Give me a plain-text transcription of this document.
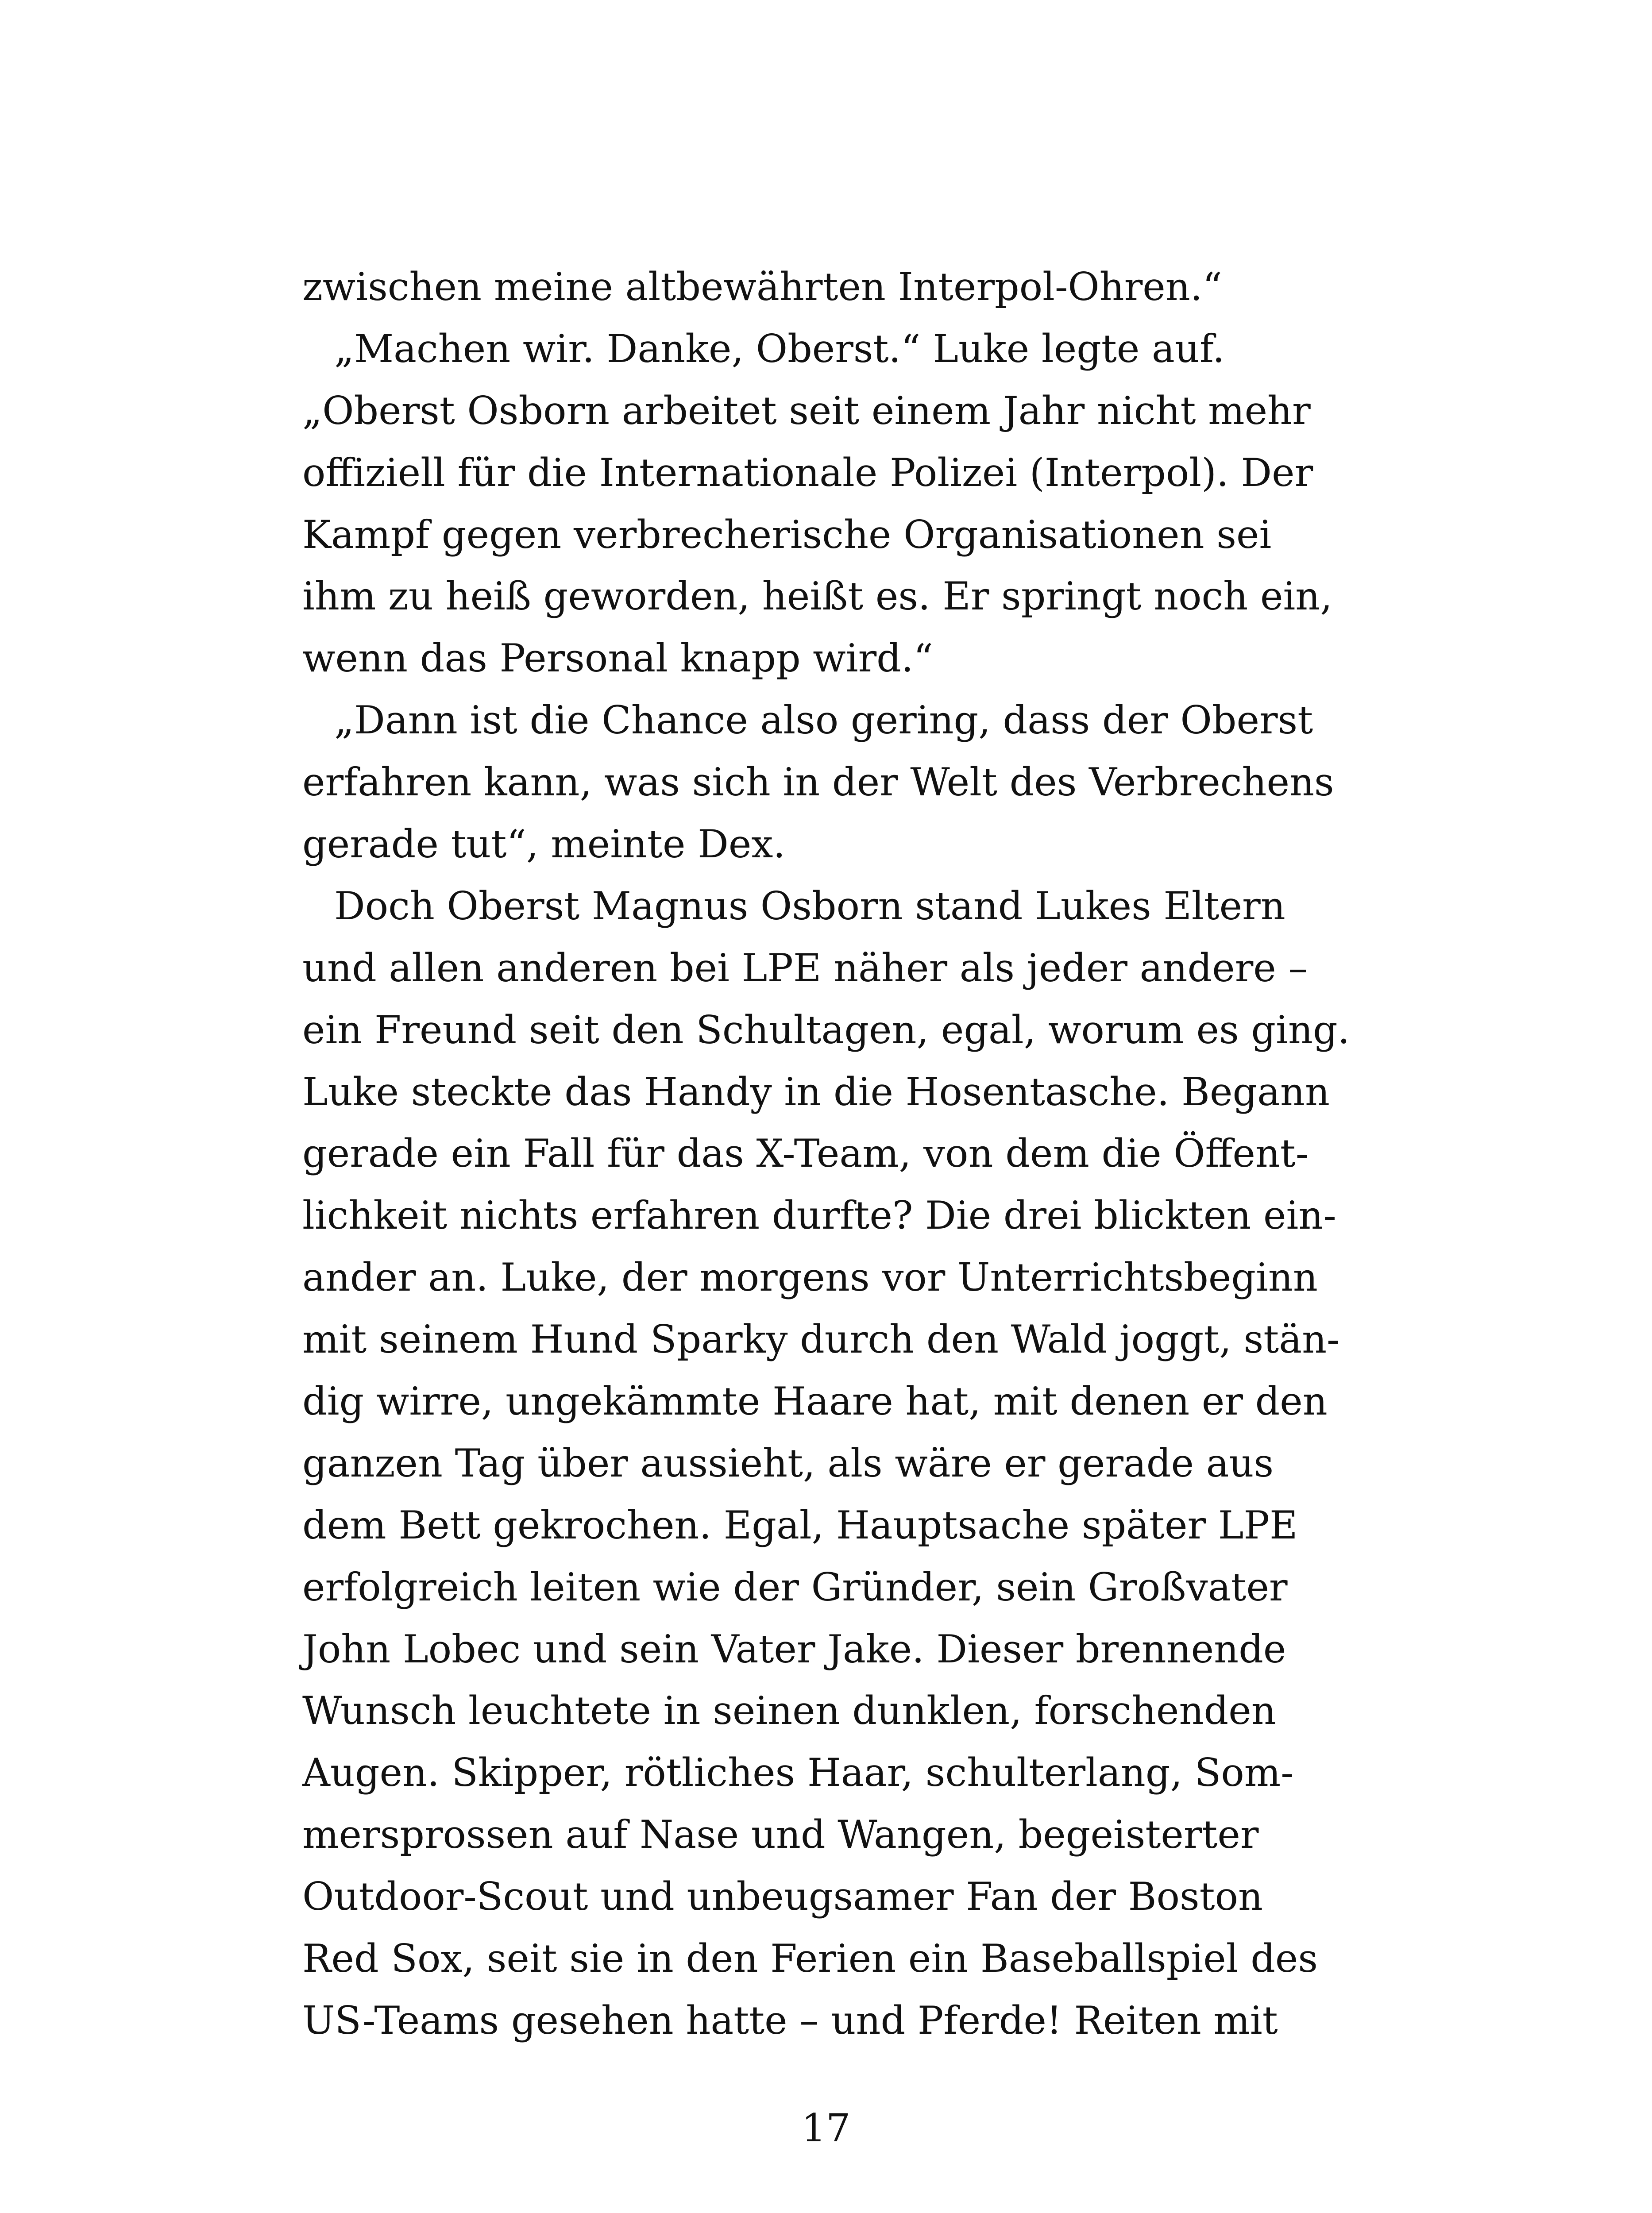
zwischen meine altbewährten Interpol-Ohren.“
„Machen wir. Danke, Oberst.“ Luke legte auf.
„Oberst Osborn arbeitet seit einem Jahr nicht mehr
offiziell für die Internationale Polizei (Interpol). Der
Kampf gegen verbrecherische Organisationen sei
ihm zu heiß geworden, heißt es. Er springt noch ein,
wenn das Personal knapp wird.“
„Dann ist die Chance also gering, dass der Oberst
erfahren kann, was sich in der Welt des Verbrechens
gerade tut“, meinte Dex.
Doch Oberst Magnus Osborn stand Lukes Eltern
und allen anderen bei LPE näher als jeder andere –
ein Freund seit den Schultagen, egal, worum es ging.
Luke steckte das Handy in die Hosentasche. Begann
gerade ein Fall für das X-Team, von dem die Öffent-
lichkeit nichts erfahren durfte? Die drei blickten ein-
ander an. Luke, der morgens vor Unterrichtsbeginn
mit seinem Hund Sparky durch den Wald joggt, stän-
dig wirre, ungekämmte Haare hat, mit denen er den
ganzen Tag über aussieht, als wäre er gerade aus
dem Bett gekrochen. Egal, Hauptsache später LPE
erfolgreich leiten wie der Gründer, sein Großvater
John Lobec und sein Vater Jake. Dieser brennende
Wunsch leuchtete in seinen dunklen, forschenden
Augen. Skipper, rötliches Haar, schulterlang, Som-
mersprossen auf Nase und Wangen, begeisterter
Outdoor-Scout und unbeugsamer Fan der Boston
Red Sox, seit sie in den Ferien ein Baseballspiel des
US-Teams gesehen hatte – und Pferde! Reiten mit
17
